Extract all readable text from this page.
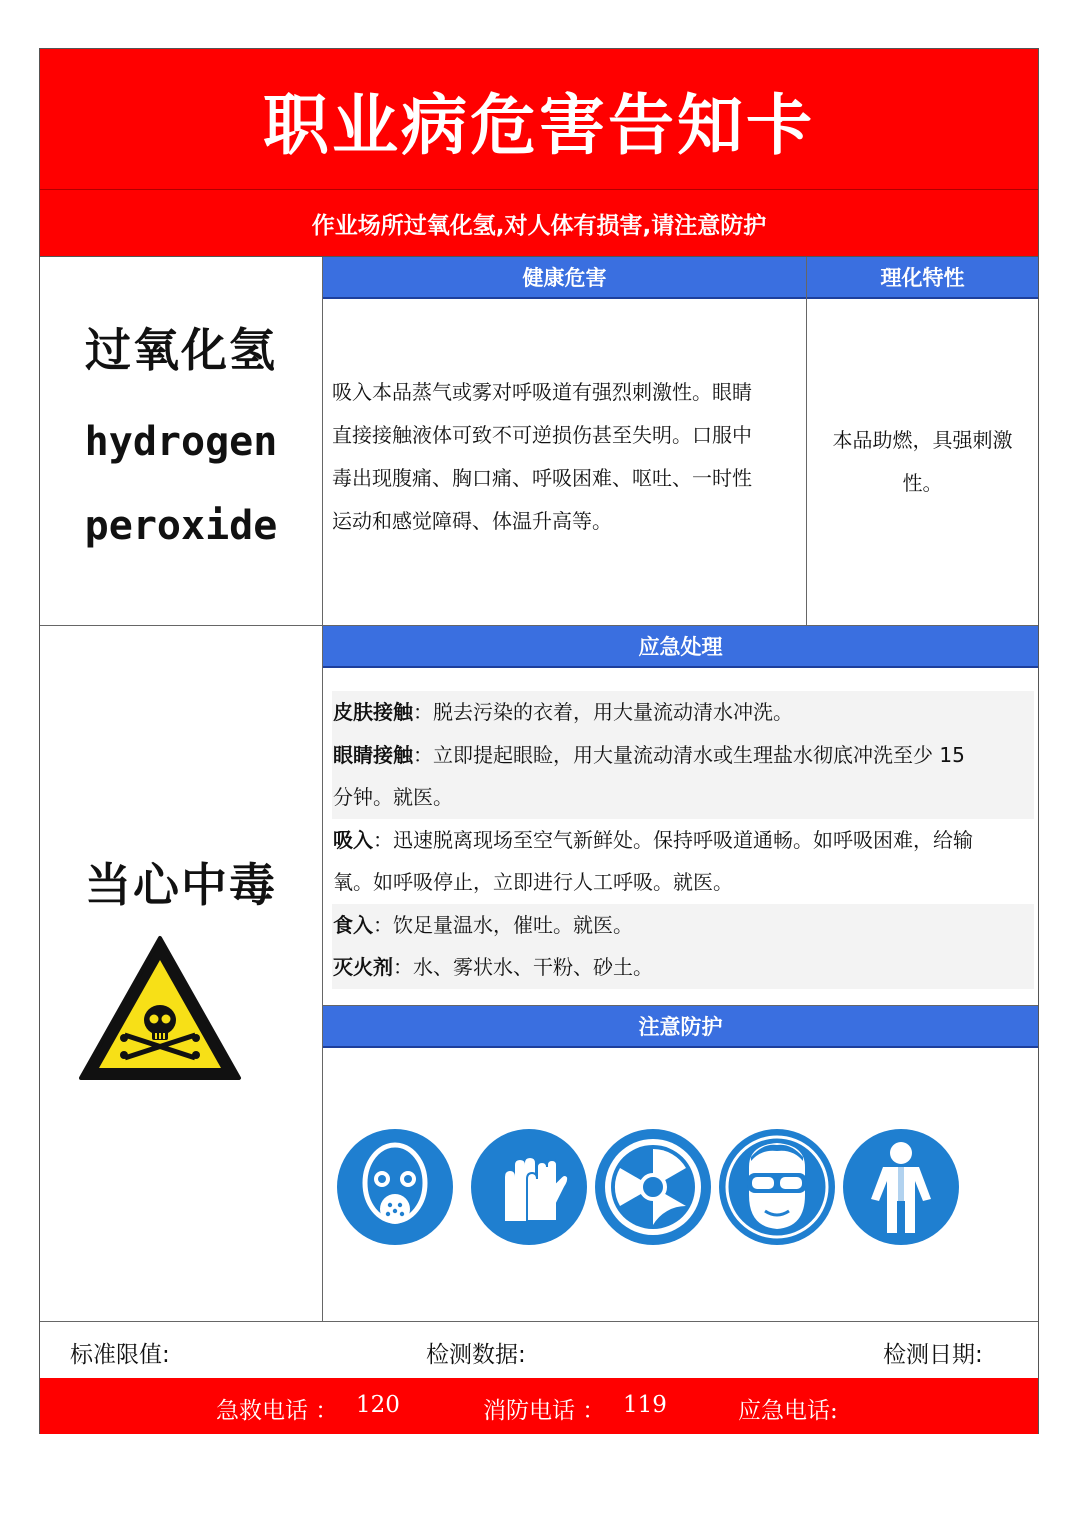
职业病危害告知卡
作业场所过氧化氢,对人体有损害,请注意防护
健康危害	理化特性
过氧化氢
hydrogen
peroxide
吸入本品蒸气或雾对呼吸道有强烈刺激性。眼睛
直接接触液体可致不可逆损伤甚至失明。口服中
毒出现腹痛、胸口痛、呼吸困难、呕吐、一时性
运动和感觉障碍、体温升高等。
本品助燃，具强刺激
性。
应急处理
皮肤接触：脱去污染的衣着，用大量流动清水冲洗。
眼睛接触：立即提起眼睑，用大量流动清水或生理盐水彻底冲洗至少 15
分钟。就医。
吸入：迅速脱离现场至空气新鲜处。保持呼吸道通畅。如呼吸困难，给输
氧。如呼吸停止，立即进行人工呼吸。就医。
食入：饮足量温水，催吐。就医。
灭火剂：水、雾状水、干粉、砂土。
注意防护
当心中毒
标准限值:	检测数据:	检测日期:
急救电话 ： 120	消防电话 ： 119	应急电话:
